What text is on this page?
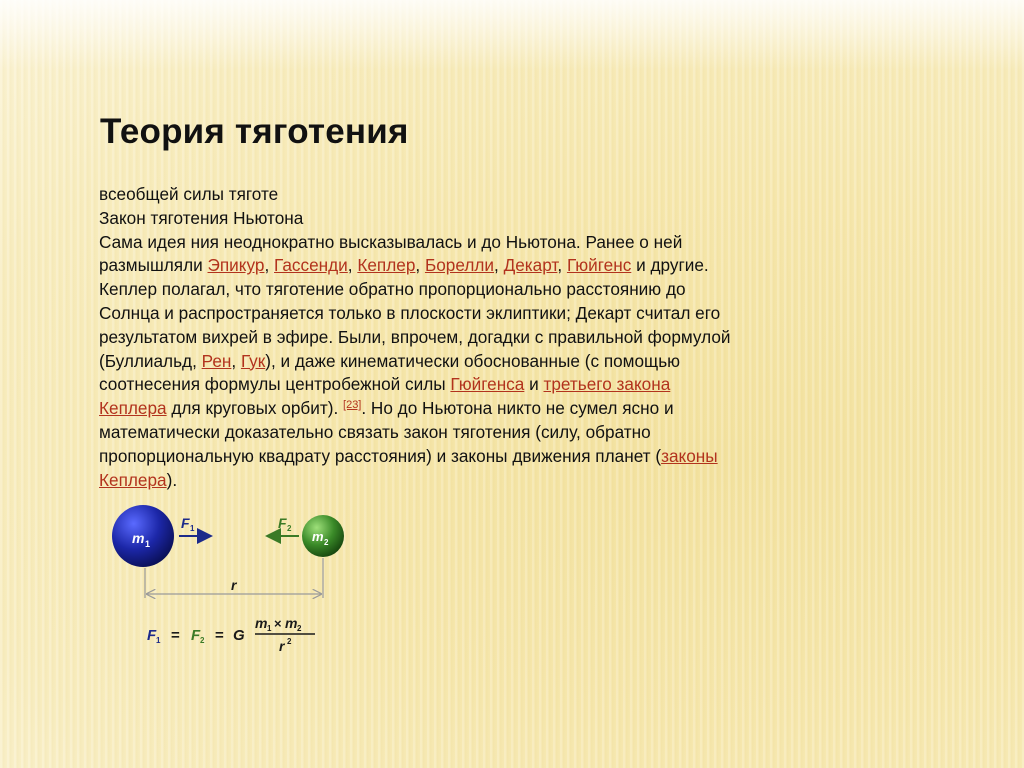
Теория тяготения
всеобщей силы тяготе
Закон тяготения Ньютона
Сама идея ния неоднократно высказывалась и до Ньютона. Ранее о ней
размышляли Эпикур, Гассенди, Кеплер, Борелли, Декарт, Гюйгенс и другие.
Кеплер полагал, что тяготение обратно пропорционально расстоянию до
Солнца и распространяется только в плоскости эклиптики; Декарт считал его
результатом вихрей в эфире. Были, впрочем, догадки с правильной формулой
(Буллиальд, Рен, Гук), и даже кинематически обоснованные (с помощью
соотнесения формулы центробежной силы Гюйгенса и третьего закона
Кеплера для круговых орбит). [23]. Но до Ньютона никто не сумел ясно и
математически доказательно связать закон тяготения (силу, обратно
пропорциональную квадрату расстояния) и законы движения планет (законы
Кеплера).
m 1	m 2
F 1	F 2
r
F 1 = F 2 = G
m 1 × m 2
r 2
